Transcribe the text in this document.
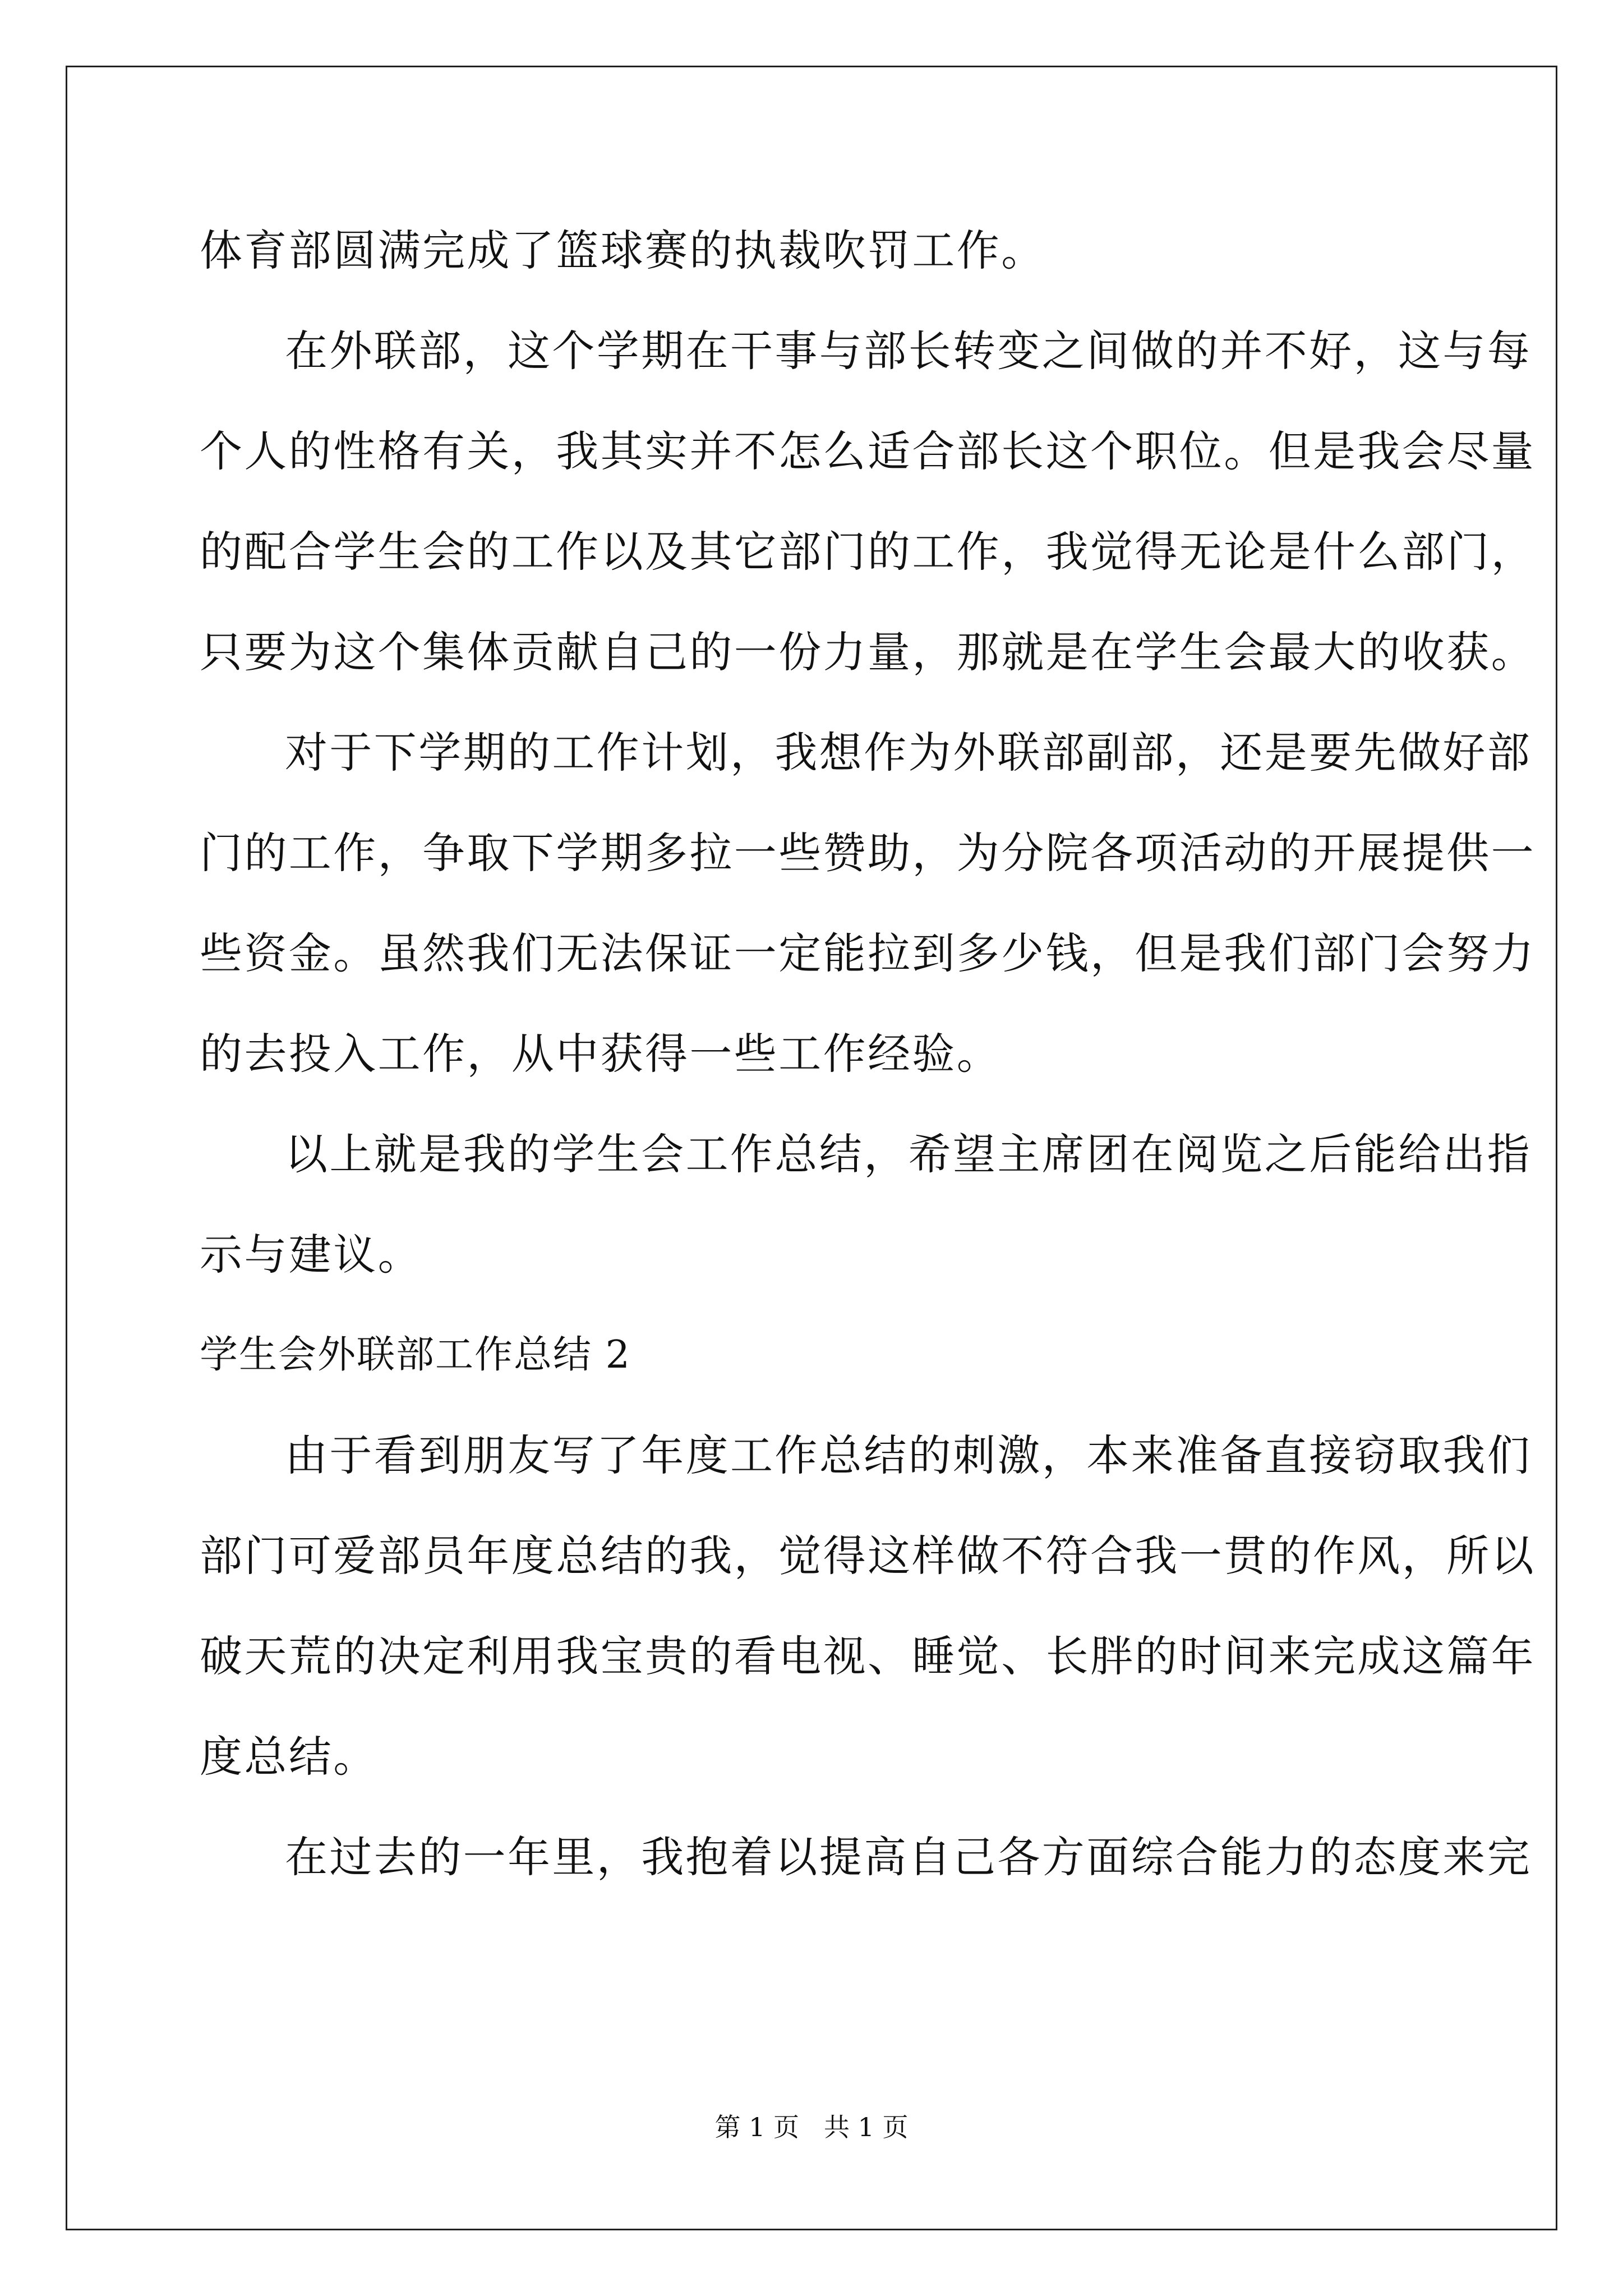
体育部圆满完成了篮球赛的执裁吹罚工作。
在外联部，这个学期在干事与部长转变之间做的并不好，这与每
个人的性格有关，我其实并不怎么适合部长这个职位。但是我会尽量
的配合学生会的工作以及其它部门的工作，我觉得无论是什么部门，
只要为这个集体贡献自己的一份力量，那就是在学生会最大的收获。
对于下学期的工作计划，我想作为外联部副部，还是要先做好部
门的工作，争取下学期多拉一些赞助，为分院各项活动的开展提供一
些资金。虽然我们无法保证一定能拉到多少钱，但是我们部门会努力
的去投入工作，从中获得一些工作经验。
以上就是我的学生会工作总结，希望主席团在阅览之后能给出指
示与建议。
学生会外联部工作总结 2
由于看到朋友写了年度工作总结的刺激，本来准备直接窃取我们
部门可爱部员年度总结的我，觉得这样做不符合我一贯的作风，所以
破天荒的决定利用我宝贵的看电视、睡觉、长胖的时间来完成这篇年
度总结。
在过去的一年里，我抱着以提高自己各方面综合能力的态度来完
第 1 页 共 1 页
